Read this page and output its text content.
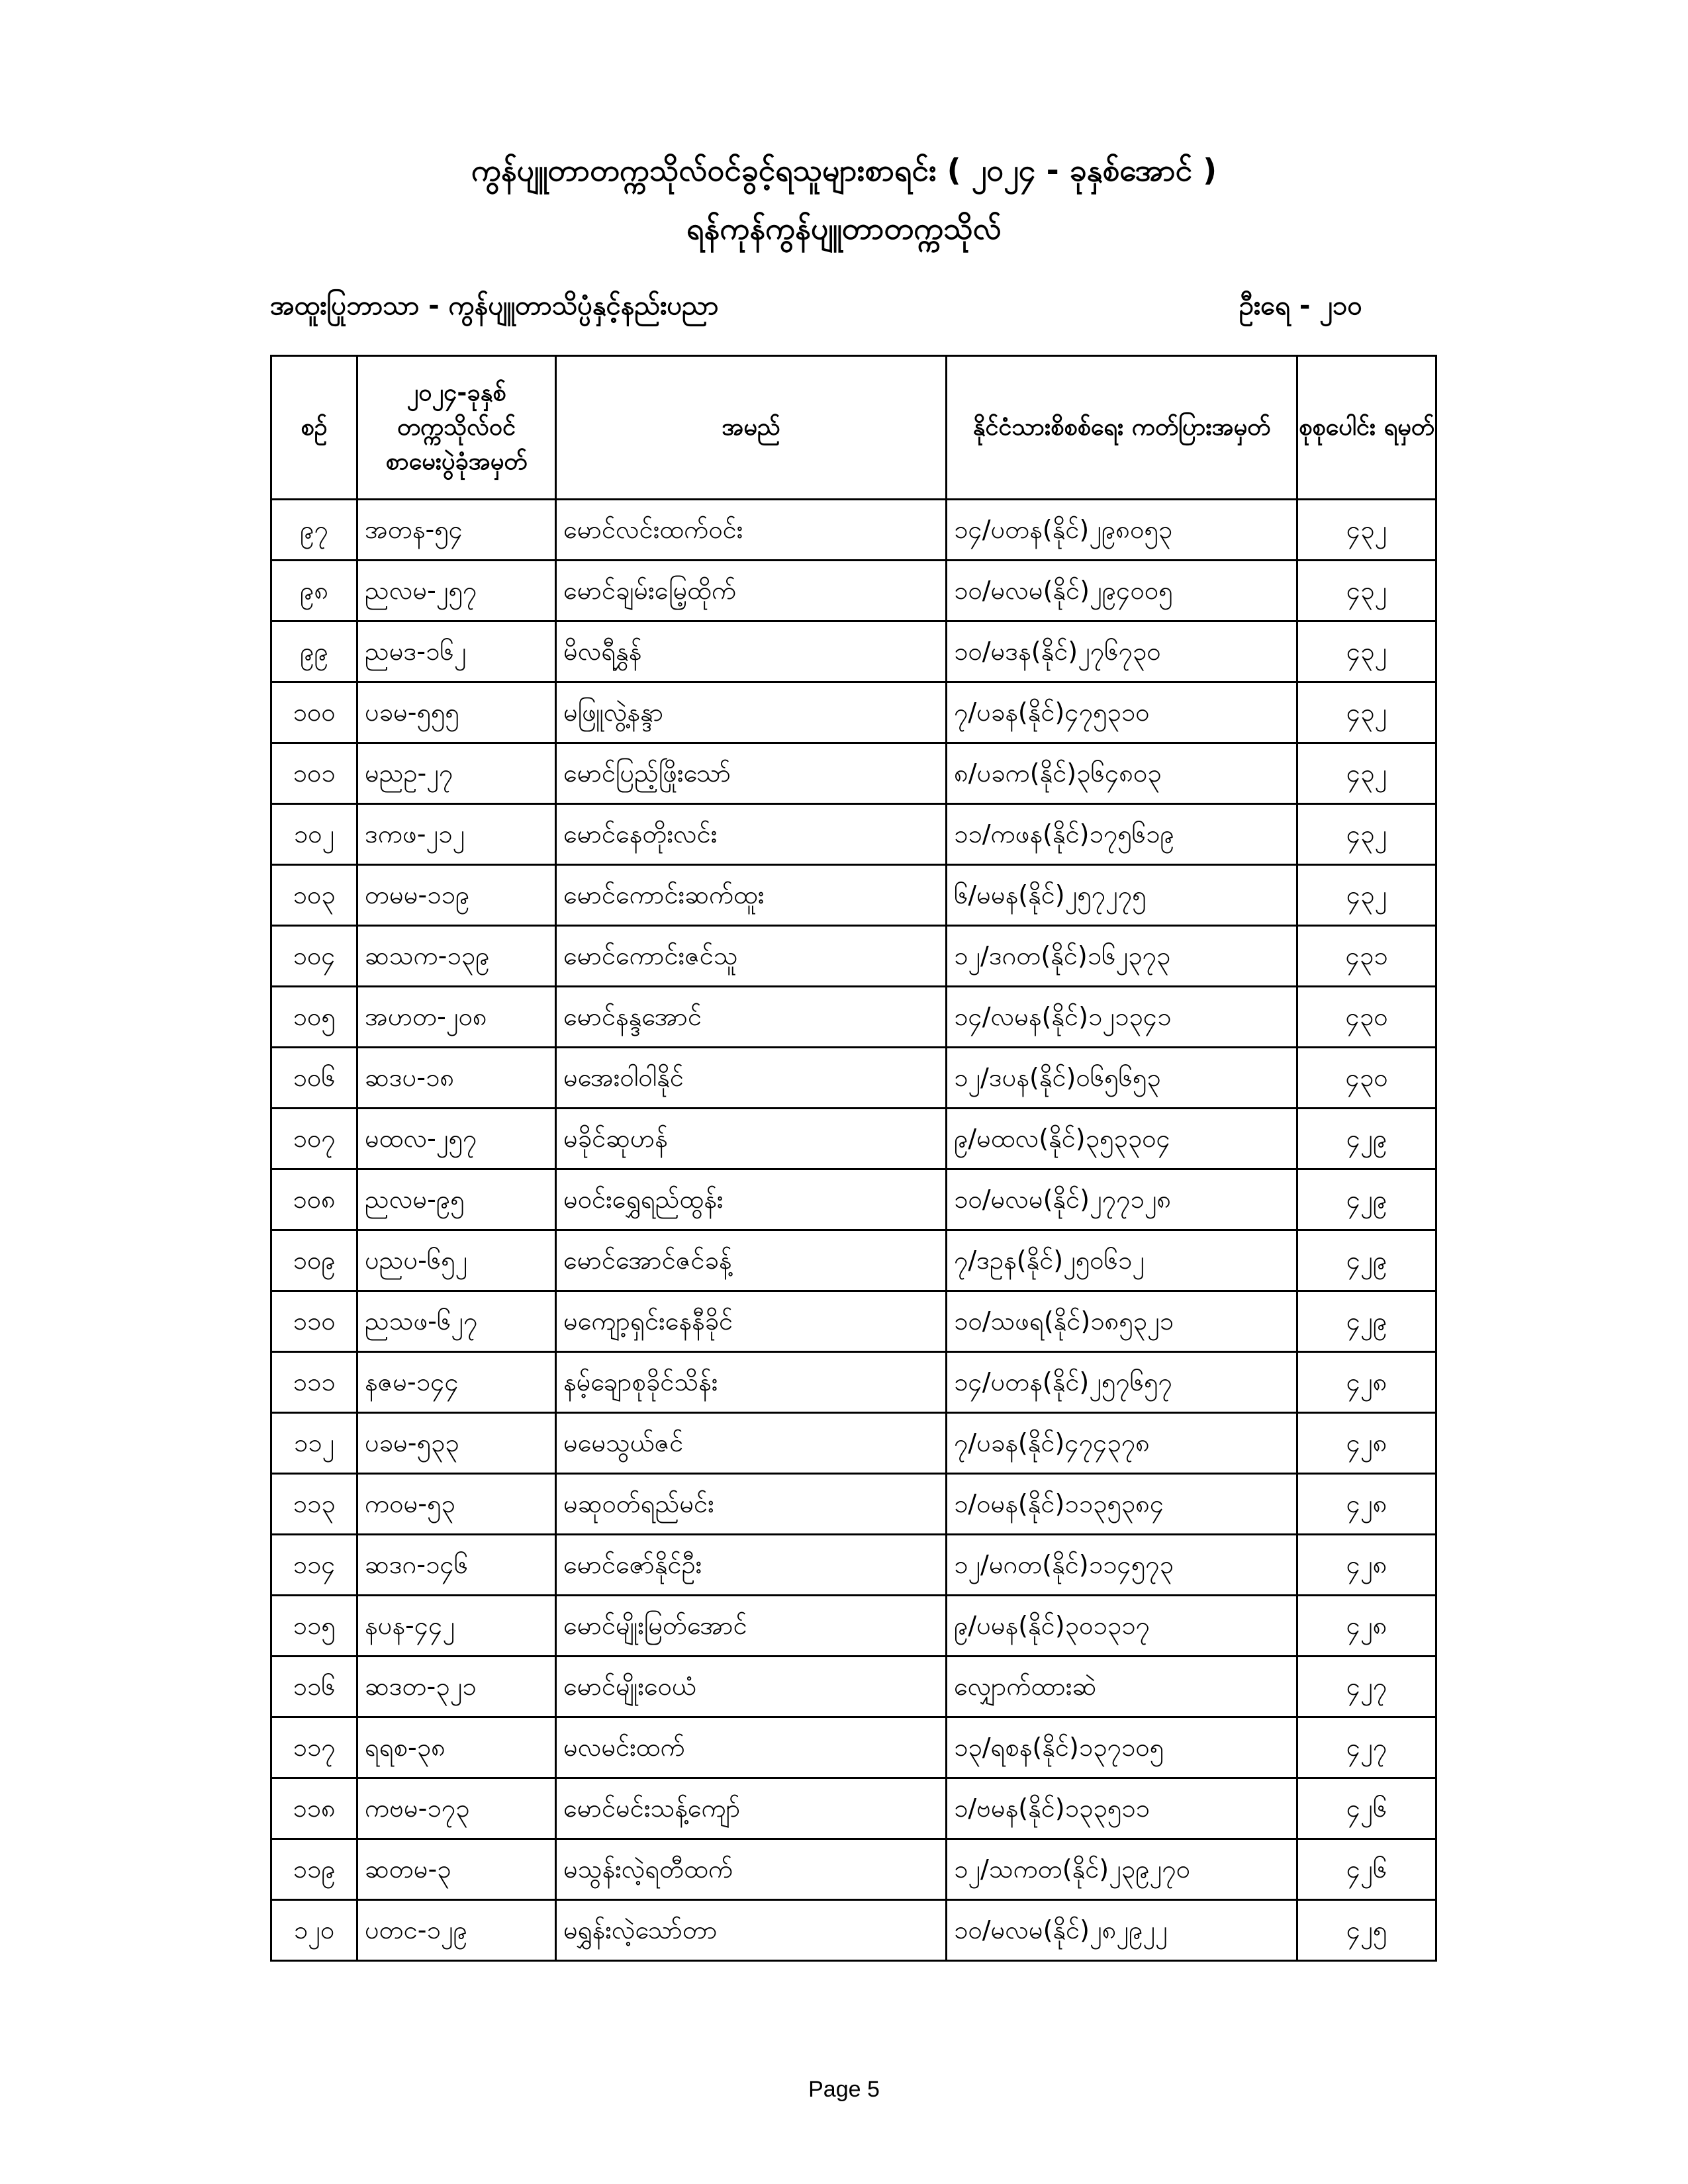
ကွန်ပျူတာတက္ကသိုလ်ဝင်ခွင့်ရသူများစာရင်း ( ၂၀၂၄ - ခုနှစ်အောင် )
ရန်ကုန်ကွန်ပျူတာတက္ကသိုလ်
အထူးပြုဘာသာ - ကွန်ပျူတာသိပ္ပံနှင့်နည်းပညာ	ဦးရေ - ၂၁၀
စဉ်	၂၀၂၄-ခုနှစ် တက္ကသိုလ်ဝင် စာမေးပွဲခုံအမှတ်	အမည်	နိုင်ငံသားစိစစ်ရေး ကတ်ပြားအမှတ်	စုစုပေါင်း ရမှတ်
၉၇	အတန-၅၄	မောင်လင်းထက်ဝင်း	၁၄/ပတန(နိုင်)၂၉၈၀၅၃	၄၃၂
၉၈	ညလမ-၂၅၇	မောင်ချမ်းမြေ့ထိုက်	၁၀/မလမ(နိုင်)၂၉၄၀၀၅	၄၃၂
၉၉	ညမဒ-၁၆၂	မိလရီနွှန်	၁၀/မဒန(နိုင်)၂၇၆၇၃၀	၄၃၂
၁၀၀	ပခမ-၅၅၅	မဖြူလွဲ့နန္ဒာ	၇/ပခန(နိုင်)၄၇၅၃၁၀	၄၃၂
၁၀၁	မညဥ-၂၇	မောင်ပြည့်ဖြိုးသော်	၈/ပခက(နိုင်)၃၆၄၈၀၃	၄၃၂
၁၀၂	ဒကဖ-၂၁၂	မောင်နေတိုးလင်း	၁၁/ကဖန(နိုင်)၁၇၅၆၁၉	၄၃၂
၁၀၃	တမမ-၁၁၉	မောင်ကောင်းဆက်ထူး	၆/မမန(နိုင်)၂၅၇၂၇၅	၄၃၂
၁၀၄	ဆသက-၁၃၉	မောင်ကောင်းဇင်သူ	၁၂/ဒဂတ(နိုင်)၁၆၂၃၇၃	၄၃၁
၁၀၅	အဟတ-၂၀၈	မောင်နန္ဒအောင်	၁၄/လမန(နိုင်)၁၂၁၃၄၁	၄၃၀
၁၀၆	ဆဒပ-၁၈	မအေးဝါဝါနိုင်	၁၂/ဒပန(နိုင်)၀၆၅၆၅၃	၄၃၀
၁၀၇	မထလ-၂၅၇	မခိုင်ဆုဟန်	၉/မထလ(နိုင်)၃၅၃၃၀၄	၄၂၉
၁၀၈	ညလမ-၉၅	မဝင်းရွှေရည်ထွန်း	၁၀/မလမ(နိုင်)၂၇၇၁၂၈	၄၂၉
၁၀၉	ပညပ-၆၅၂	မောင်အောင်ဇင်ခန့်	၇/ဒဥန(နိုင်)၂၅၀၆၁၂	၄၂၉
၁၁၀	ညသဖ-၆၂၇	မကျော့ရှင်းနေနီခိုင်	၁၀/သဖရ(နိုင်)၁၈၅၃၂၁	၄၂၉
၁၁၁	နဇမ-၁၄၄	နမ့်ချောစုခိုင်သိန်း	၁၄/ပတန(နိုင်)၂၅၇၆၅၇	၄၂၈
၁၁၂	ပခမ-၅၃၃	မမေသွယ်ဇင်	၇/ပခန(နိုင်)၄၇၄၃၇၈	၄၂၈
၁၁၃	ကဝမ-၅၃	မဆုဝတ်ရည်မင်း	၁/ဝမန(နိုင်)၁၁၃၅၃၈၄	၄၂၈
၁၁၄	ဆဒဂ-၁၄၆	မောင်ဇော်နိုင်ဦး	၁၂/မဂတ(နိုင်)၁၁၄၅၇၃	၄၂၈
၁၁၅	နပန-၄၄၂	မောင်မျိုးမြတ်အောင်	၉/ပမန(နိုင်)၃၀၁၃၁၇	၄၂၈
၁၁၆	ဆဒတ-၃၂၁	မောင်မျိုးဝေယံ	လျှောက်ထားဆဲ	၄၂၇
၁၁၇	ရရစ-၃၈	မလမင်းထက်	၁၃/ရစန(နိုင်)၁၃၇၁၀၅	၄၂၇
၁၁၈	ကဗမ-၁၇၃	မောင်မင်းသန့်ကျော်	၁/ဗမန(နိုင်)၁၃၃၅၁၁	၄၂၆
၁၁၉	ဆတမ-၃	မသွန်းလဲ့ရတီထက်	၁၂/သကတ(နိုင်)၂၃၉၂၇၀	၄၂၆
၁၂၀	ပတင-၁၂၉	မရွှန်းလဲ့သော်တာ	၁၀/မလမ(နိုင်)၂၈၂၉၂၂	၄၂၅
Page 5
